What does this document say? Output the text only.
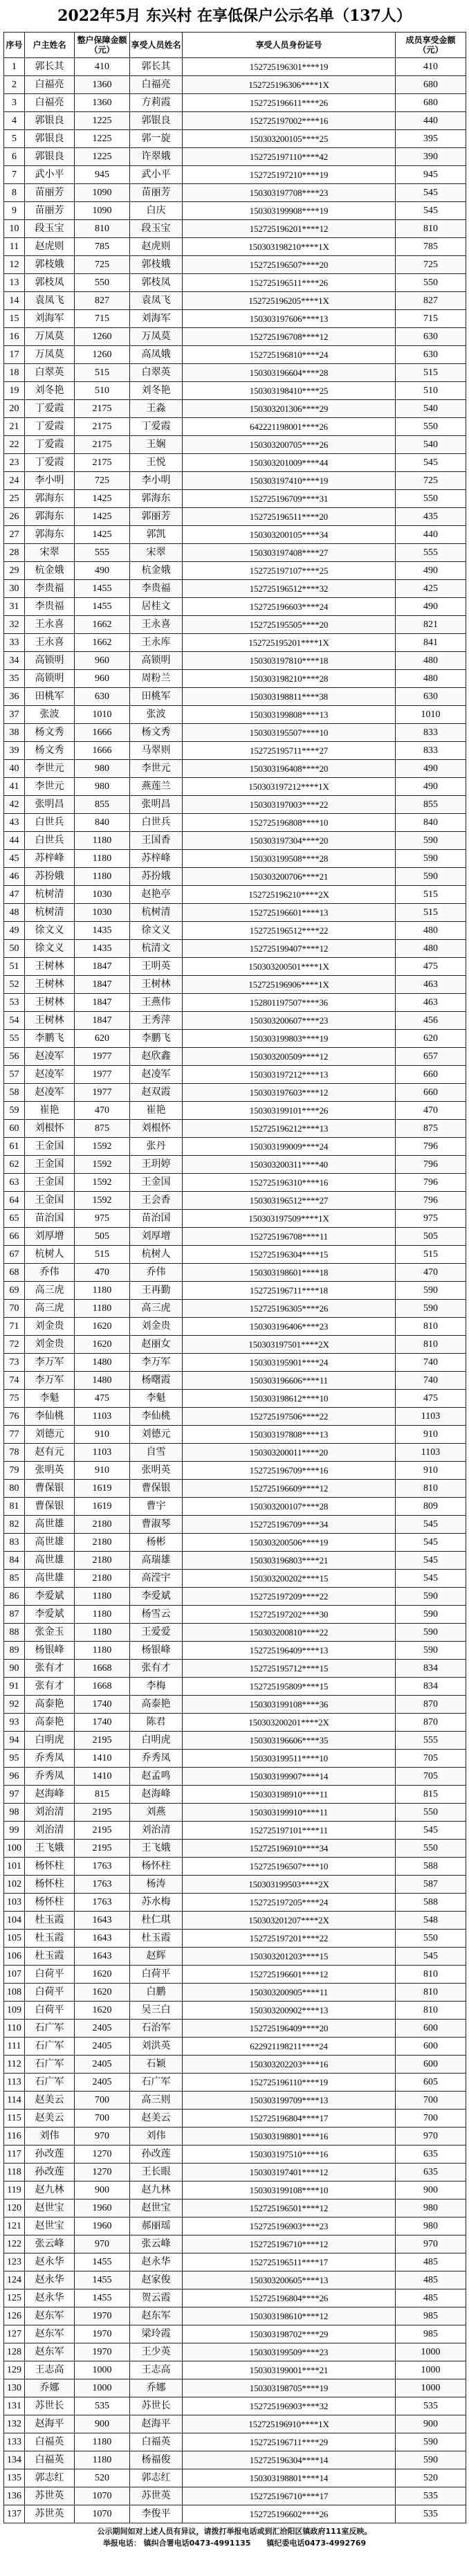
2022年5月 东兴村 在享低保户公示名单（137人）
序号	户主姓名	整户保障金额（元）	享受人员姓名	享受人员身份证号	成员享受金额（元）
1	郭长其	410	郭长其	152725196301****19	410
2	白福亮	1360	白福亮	152725196306****1X	680
3	白福亮	1360	方莉霞	152725196611****26	680
4	郭银良	1225	郭银良	152725197002****16	440
5	郭银良	1225	郭一旋	150303200105****25	395
6	郭银良	1225	许翠娥	152725197110****42	390
7	武小平	945	武小平	152725197210****19	945
8	苗丽芳	1090	苗丽芳	150303197708****23	545
9	苗丽芳	1090	白庆	150303199908****19	545
10	段玉宝	810	段玉宝	152725196201****12	810
11	赵虎则	785	赵虎则	150303198210****1X	785
12	郭枝娥	725	郭枝娥	152725196507****20	725
13	郭枝凤	550	郭枝凤	152725196511****26	550
14	袁凤飞	827	袁凤飞	152725196205****1X	827
15	刘海军	715	刘海军	150303197606****13	715
16	万凤莫	1260	万凤莫	152725196708****12	630
17	万凤莫	1260	高凤娥	152725196810****24	630
18	白翠英	515	白翠英	150303196604****28	515
19	刘冬艳	510	刘冬艳	150303198410****25	510
20	丁爱霞	2175	王淼	150303201306****29	540
21	丁爱霞	2175	丁爱霞	642221198001****26	550
22	丁爱霞	2175	王娴	150303200705****26	540
23	丁爱霞	2175	王悦	150303201009****44	545
24	李小明	725	李小明	150303197410****19	725
25	郭海东	1425	郭海东	152725196709****31	550
26	郭海东	1425	郭丽芳	152725196511****20	435
27	郭海东	1425	郭凯	150303200105****34	440
28	宋翠	555	宋翠	150303197408****27	555
29	杭金娥	490	杭金娥	152725197107****25	490
30	李贵福	1455	李贵福	152725196512****32	425
31	李贵福	1455	居桂文	152725196603****24	490
32	王永喜	1662	王永喜	152725195505****20	821
33	王永喜	1662	王永库	152725195201****1X	841
34	高锁明	960	高锁明	150303197810****18	480
35	高锁明	960	周粉兰	150303198210****28	480
36	田桃军	630	田桃军	150303198811****38	630
37	张波	1010	张波	150303199808****13	1010
38	杨文秀	1666	杨文秀	150303195507****10	833
39	杨文秀	1666	马翠则	152725195711****27	833
40	李世元	980	李世元	150303196408****20	490
41	李世元	980	燕莲兰	150303197212****1X	490
42	张明昌	855	张明昌	150303197003****22	855
43	白世兵	840	白世兵	152725196808****10	840
44	白世兵	1180	王国香	150303197304****20	590
45	苏梓峰	1180	苏梓峰	150303199508****28	590
46	苏扮娥	1180	苏扮娥	150303200706****21	590
47	杭树清	1030	赵艳亭	152725196210****2X	515
48	杭树清	1030	杭树清	152725196601****13	515
49	徐文义	1435	徐文义	152725196512****22	480
50	徐文义	1435	杭清文	152725199407****12	480
51	王树林	1847	王明英	150303200501****1X	475
52	王树林	1847	王树林	152725196906****1X	463
53	王树林	1847	王燕伟	152801197507****36	463
54	王树林	1847	王秀萍	150303200607****23	456
55	李鹏飞	620	李鹏飞	150303199803****19	620
56	赵凌军	1977	赵欣鑫	150303200509****12	657
57	赵凌军	1977	赵凌军	150303197212****13	660
58	赵凌军	1977	赵双霞	150303197603****12	660
59	崔艳	470	崔艳	150303199101****26	470
60	刘根怀	875	刘根怀	152725196212****13	875
61	王金国	1592	张丹	150303199009****24	796
62	王金国	1592	王玥婷	150303200311****40	796
63	王金国	1592	王金国	152725196310****16	796
64	王金国	1592	王会香	150303196512****27	796
65	苗治国	975	苗治国	150303197509****1X	975
66	刘厚增	505	刘厚增	152725196708****11	505
67	杭树人	515	杭树人	152725196304****15	515
68	乔伟	470	乔伟	150303198601****18	470
69	高三虎	1180	王再勤	152725196711****18	590
70	高三虎	1180	高三虎	152725196305****26	590
71	刘金贵	1620	刘金贵	150303196406****23	810
72	刘金贵	1620	赵丽女	150303197501****2X	810
73	李万军	1480	李万军	150303195901****24	740
74	李万军	1480	杨曙霞	150303196606****11	740
75	李魁	475	李魁	150303198612****10	475
76	李仙桃	1103	李仙桃	152725197506****22	1103
77	刘德元	910	刘德元	150303197808****13	910
78	赵有元	1103	自雪	150303200011****20	1103
79	张明英	910	张明英	152725196709****16	910
80	曹保银	1619	曹保银	152725196609****12	810
81	曹保银	1619	曹宇	150303200107****28	809
82	高世雄	2180	曹淑琴	152725196709****34	545
83	高世雄	2180	杨彬	150303200506****19	545
84	高世雄	2180	高瑞雄	150303196803****21	545
85	高世雄	2180	高滢宇	150303200202****15	545
86	李爱斌	1180	李爱斌	152725197209****22	590
87	李爱斌	1180	杨雪云	152725197202****30	590
88	张金玉	1180	王爱爱	150303200810****22	590
89	杨银峰	1180	杨银峰	152725196409****13	590
90	张有才	1668	张有才	152725195712****15	834
91	张有才	1668	李梅	152725195809****15	834
92	高泰艳	1740	高泰艳	150303199108****36	870
93	高泰艳	1740	陈君	150303200201****2X	870
94	白明虎	2195	白明虎	150303196606****35	555
95	乔秀凤	1410	乔秀凤	150303199511****10	705
96	乔秀凤	1410	赵孟鸣	150303199907****14	705
97	赵海峰	815	赵海峰	150303198910****11	815
98	刘治清	2195	刘燕	150303199910****11	550
99	刘治清	2195	刘治清	152725197101****11	545
100	王飞娥	2195	王飞娥	152725196910****34	550
101	杨怀柱	1763	杨怀柱	152725196507****10	588
102	杨怀柱	1763	杨涛	150303199503****2X	587
103	杨怀柱	1763	苏水梅	152725197205****24	588
104	杜玉霞	1643	杜仁琪	150303201207****2X	548
105	杜玉霞	1643	杜玉霞	152725197201****22	550
106	杜玉霞	1643	赵辉	150303201203****15	545
107	白荷平	1620	白荷平	152725196601****12	810
108	白荷平	1620	白鹏	150303200905****11	810
109	白荷平	1620	吴三白	150303200902****13	810
110	石广军	2405	石治军	152725196409****20	600
111	石广军	2405	刘洪英	622921198211****24	600
112	石广军	2405	石颖	150303202203****16	600
113	石广军	2405	石广军	152725196110****19	605
114	赵美云	700	高三则	150303199709****13	700
115	赵美云	700	赵美云	152725196804****17	700
116	刘伟	970	刘伟	150303198801****16	970
117	孙改莲	1270	孙改莲	150303197510****16	635
118	孙改莲	1270	王长眼	150303197401****12	635
119	赵九林	900	赵九林	150303199108****10	900
120	赵世宝	1960	赵世宝	152725196501****12	980
121	赵世宝	1960	郝丽瑶	152725196903****23	980
122	张云峰	970	张云峰	152725196710****12	970
123	赵永华	1455	赵永华	152725196511****17	485
124	赵永华	1455	赵家俊	150303200605****13	485
125	赵永华	1455	贺云霞	152725196804****26	485
126	赵东军	1970	赵东军	150303198610****12	985
127	赵东军	1970	梁玲霞	150303198702****29	985
128	赵东军	1970	王少英	150303199509****23	1000
129	王志高	1000	王志高	150303199001****21	1000
130	乔娜	1000	乔娜	150303198705****19	1000
131	苏世长	535	苏世长	152725196903****32	535
132	赵海平	900	赵海平	152725196910****1X	900
133	白福英	1180	白福英	152725196711****29	590
134	白福英	1180	杨福俊	152725196304****14	590
135	郭志红	520	郭志红	150303198801****14	520
136	苏世英	1070	苏世英	152725196710****17	535
137	苏世英	1070	李俊平	152725196602****26	535
公示期间如对上述人员有异议，请拨打举报电话或到汇洽阳区镇政府111室反映。
举报电话： 镇纠合署电话0473-4991135 镇纪委电话0473-4992769
